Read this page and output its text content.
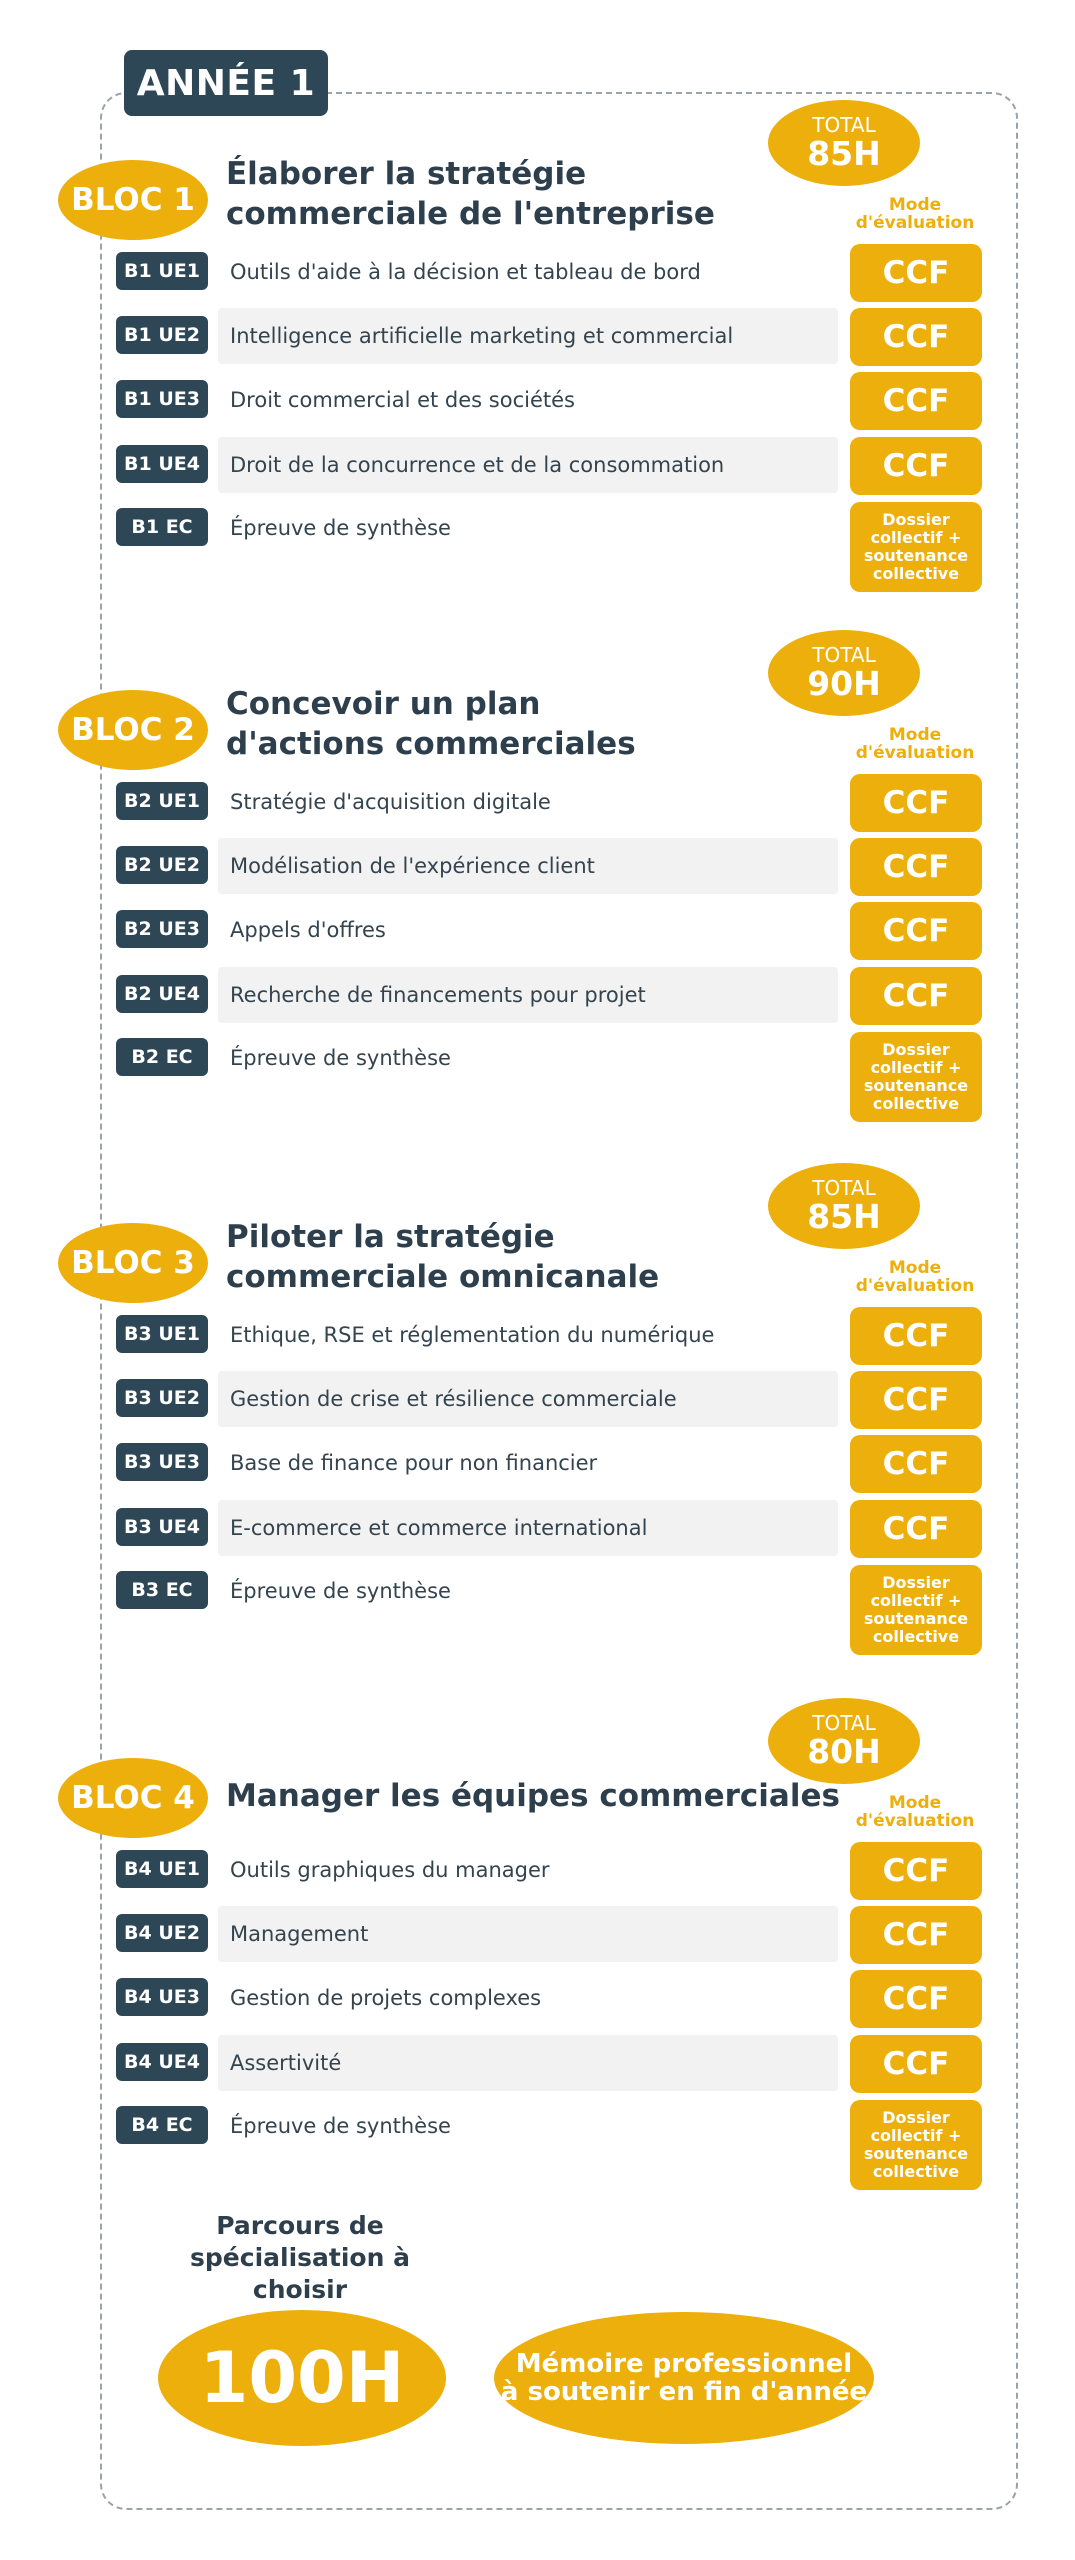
ANNÉE 1
TOTAL
85H
BLOC 1
Élaborer la stratégie
commerciale de l'entreprise	Mode
d'évaluation
B1 UE1	Outils d'aide à la décision et tableau de bord	CCF
B1 UE2	Intelligence artificielle marketing et commercial	CCF
B1 UE3	Droit commercial et des sociétés	CCF
B1 UE4	Droit de la concurrence et de la consommation	CCF
B1 EC	Épreuve de synthèse	Dossier
collectif +
soutenance
collective
TOTAL
90H
BLOC 2
Concevoir un plan
d'actions commerciales	Mode
d'évaluation
B2 UE1	Stratégie d'acquisition digitale	CCF
B2 UE2	Modélisation de l'expérience client	CCF
B2 UE3	Appels d'offres	CCF
B2 UE4	Recherche de financements pour projet	CCF
B2 EC	Épreuve de synthèse	Dossier
collectif +
soutenance
collective
TOTAL
85H
BLOC 3
Piloter la stratégie
commerciale omnicanale	Mode
d'évaluation
B3 UE1	Ethique, RSE et réglementation du numérique	CCF
B3 UE2	Gestion de crise et résilience commerciale	CCF
B3 UE3	Base de finance pour non financier	CCF
B3 UE4	E-commerce et commerce international	CCF
B3 EC	Épreuve de synthèse	Dossier
collectif +
soutenance
collective
TOTAL
80H
BLOC 4	Manager les équipes commerciales	Mode
d'évaluation
B4 UE1	Outils graphiques du manager	CCF
B4 UE2	Management	CCF
B4 UE3	Gestion de projets complexes	CCF
B4 UE4	Assertivité	CCF
B4 EC	Épreuve de synthèse	Dossier
collectif +
soutenance
collective
Parcours de
spécialisation à choisir
100H	Mémoire professionnel
à soutenir en fin d'année
